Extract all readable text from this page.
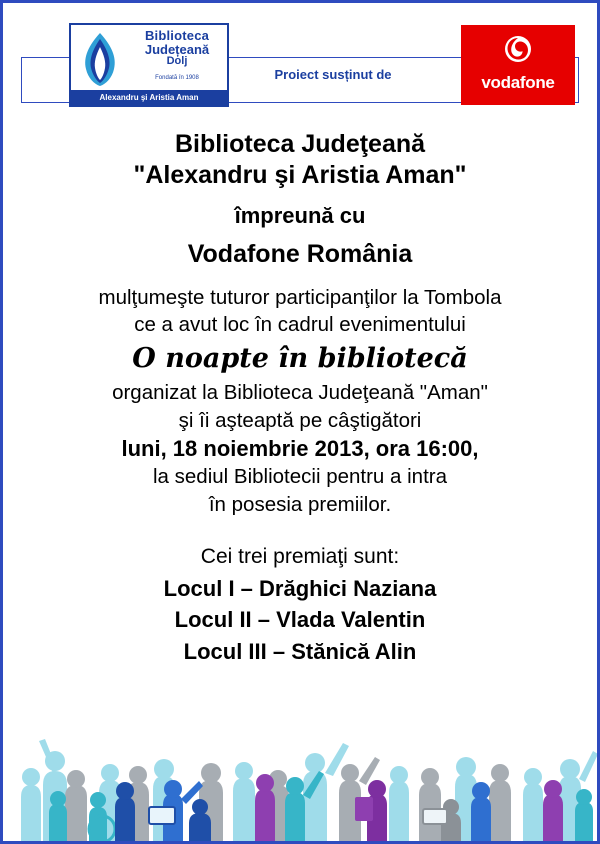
Biblioteca
Județeană
Dolj
Fondată în 1908
Alexandru şi Aristia Aman
Proiect susținut de	vodafone

Biblioteca Judeţeană

"Alexandru şi Aristia Aman"

împreună cu

Vodafone România

mulţumeşte tuturor participanţilor la Tombola

ce a avut loc în cadrul evenimentului

O noapte în bibliotecă

organizat la Biblioteca Judeţeană "Aman"

şi îi aşteaptă pe câştigători

luni, 18 noiembrie 2013, ora 16:00,

la sediul Bibliotecii pentru a intra

în posesia premiilor.

Cei trei premiaţi sunt:

Locul I – Drăghici Naziana

Locul II – Vlada Valentin

Locul III – Stănică Alin
